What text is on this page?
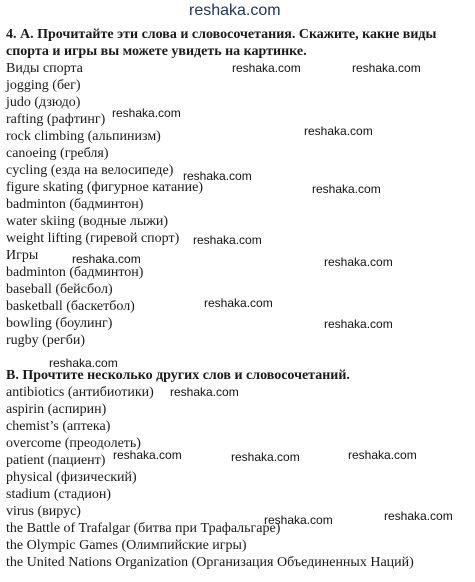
4. А. Прочитайте эти слова и словосочетания. Скажите, какие виды
спорта и игры вы можете увидеть на картинке.
Виды спорта
jogging (бег)
judo (дзюдо)
rafting (рафтинг)
rock climbing (альпинизм)
canoeing (гребля)
cycling (езда на велосипеде)
figure skating (фигурное катание)
badminton (бадминтон)
water skiing (водные лыжи)
weight lifting (гиревой спорт)
Игры
badminton (бадминтон)
baseball (бейсбол)
basketball (баскетбол)
bowling (боулинг)
rugby (регби)
В. Прочтите несколько других слов и словосочетаний.
antibiotics (антибиотики)
aspirin (аспирин)
chemist’s (аптека)
overcome (преодолеть)
patient (пациент)
physical (физический)
stadium (стадион)
virus (вирус)
the Battle of Trafalgar (битва при Трафальгаре)
the Olympic Games (Олимпийские игры)
the United Nations Organization (Организация Объединенных Наций)
reshaka.com
reshaka.com	reshaka.com
reshaka.com
reshaka.com
reshaka.com
reshaka.com
reshaka.com
reshaka.com	reshaka.com
reshaka.com
reshaka.com
reshaka.com
reshaka.com
reshaka.com	reshaka.com	reshaka.com
reshaka.com	reshaka.com
